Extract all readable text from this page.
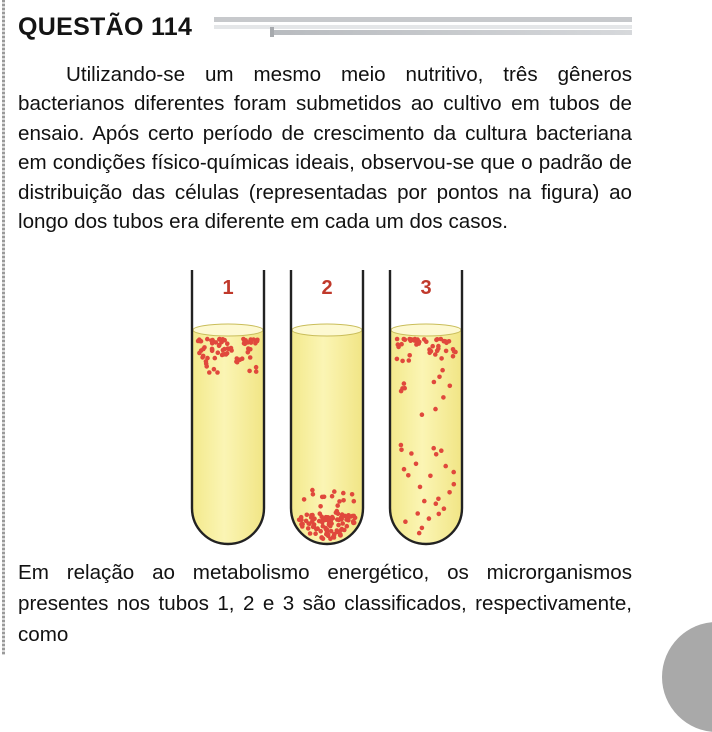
QUESTÃO 114

Utilizando-se um mesmo meio nutritivo, três gêneros bacterianos diferentes foram submetidos ao cultivo em tubos de ensaio. Após certo período de crescimento da cultura bacteriana em condições físico-químicas ideais, observou-se que o padrão de distribuição das células (representadas por pontos na figura) ao longo dos tubos era diferente em cada um dos casos.

1	2	3

Em relação ao metabolismo energético, os microrganismos presentes nos tubos 1, 2 e 3 são classificados, respectivamente, como
